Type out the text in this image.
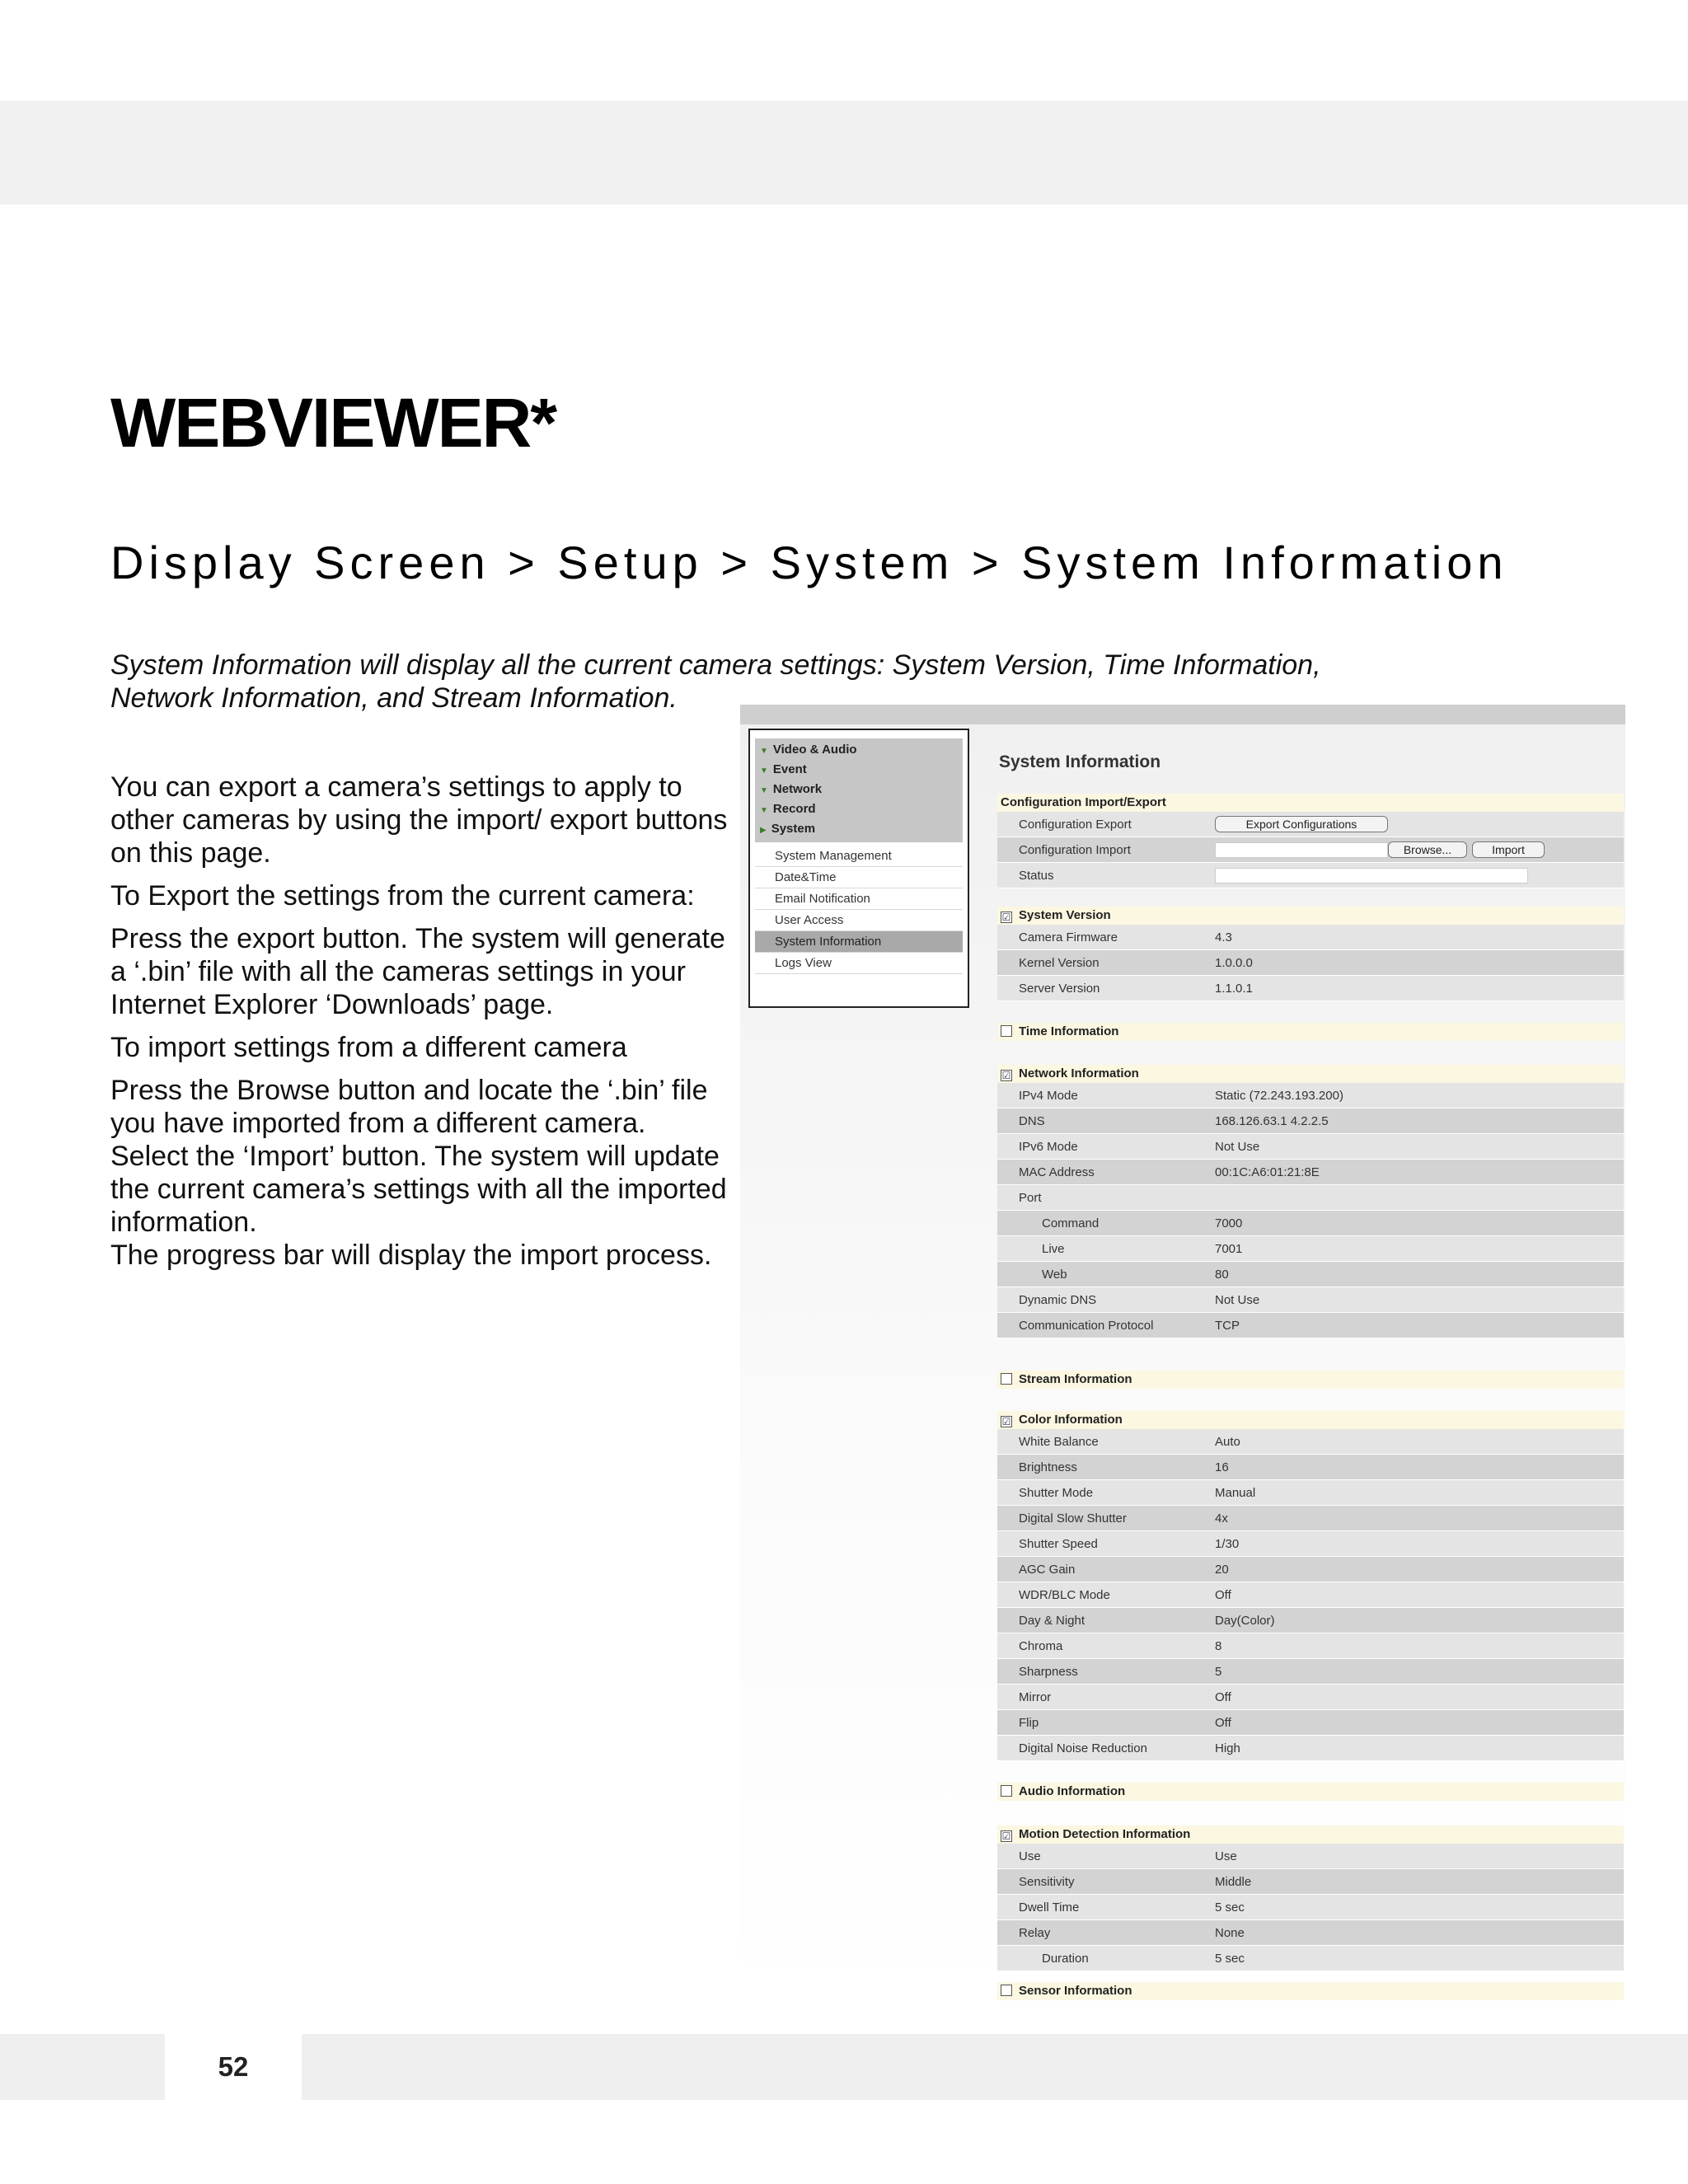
WEBVIEWER*
Display Screen > Setup > System > System Information

System Information will display all the current camera settings: System Version, Time Information, Network Information, and Stream Information.

You can export a camera’s settings to apply to other cameras by using the import/ export buttons on this page.

To Export the settings from the current camera:

Press the export button. The system will generate a ‘.bin’ file with all the cameras settings in your Internet Explorer ‘Downloads’ page.

To import settings from a different camera

Press the Browse button and locate the ‘.bin’ file you have imported from a different camera. Select the ‘Import’ button. The system will update the current camera’s settings with all the imported information.

The progress bar will display the import process.

▼ Video & Audio
▼ Event
▼ Network
▼ Record
▶ System
System Management
Date&Time
Email Notification
User Access
System Information
Logs View
System Information
Configuration Import/Export
Configuration Export	Export Configurations
Configuration Import	Browse...	Import
Status
☑ System Version
Camera Firmware	4.3
Kernel Version	1.0.0.0
Server Version	1.1.0.1
Time Information
☑ Network Information
IPv4 Mode	Static (72.243.193.200)
DNS	168.126.63.1 4.2.2.5
IPv6 Mode	Not Use
MAC Address	00:1C:A6:01:21:8E
Port
Command	7000
Live	7001
Web	80
Dynamic DNS	Not Use
Communication Protocol	TCP
Stream Information
☑ Color Information
White Balance	Auto
Brightness	16
Shutter Mode	Manual
Digital Slow Shutter	4x
Shutter Speed	1/30
AGC Gain	20
WDR/BLC Mode	Off
Day & Night	Day(Color)
Chroma	8
Sharpness	5
Mirror	Off
Flip	Off
Digital Noise Reduction	High
Audio Information
☑ Motion Detection Information
Use	Use
Sensitivity	Middle
Dwell Time	5 sec
Relay	None
Duration	5 sec
Sensor Information
52
